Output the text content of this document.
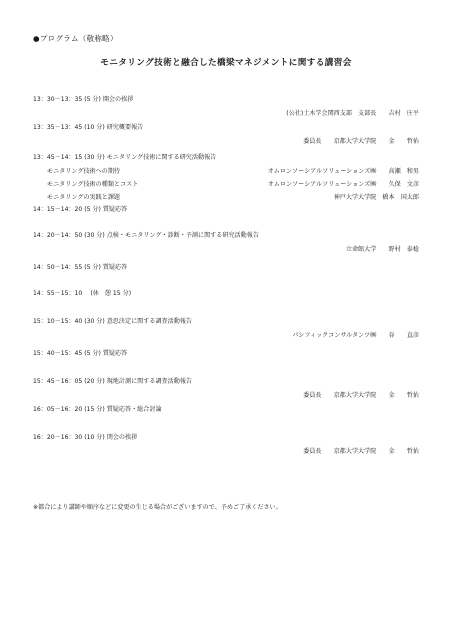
●プログラム（敬称略）
モニタリング技術と融合した橋梁マネジメントに関する講習会
13：30－13：35 (5 分) 開会の挨拶
(公社)土木学会関西支部　支部長　　吉村　庄平
13：35－13：45 (10 分) 研究概要報告
委員長　　京都大学大学院　　金　　哲佑
13：45－14：15 (30 分) モニタリング技術に関する研究活動報告
モニタリング技術への期待	オムロンソーシアルソリューションズ㈱　　高瀬　和男
モニタリング技術の種類とコスト	オムロンソーシアルソリューションズ㈱　　久保　文彦
モニタリングの実践と課題	神戸大学大学院　橋本　国太郎
14：15－14：20 (5 分) 質疑応答
14：20－14：50 (30 分) 点検・モニタリング・診断・予測に関する研究活動報告
立命館大学　　野村　泰稔
14：50－14：55 (5 分) 質疑応答
14：55－15：10　 (休　憩 15 分)
15：10－15：40 (30 分) 意思決定に関する調査活動報告
パシフィックコンサルタンツ㈱　　谷　　直彦
15：40－15：45 (5 分) 質疑応答
15：45－16：05 (20 分) 現地計測に関する調査活動報告
委員長　　京都大学大学院　　金　　哲佑
16：05－16：20 (15 分) 質疑応答・総合討論
16：20－16：30 (10 分) 閉会の挨拶
委員長　　京都大学大学院　　金　　哲佑
※都合により講師や順序などに変更の生じる場合がございますので、予めご了承ください。
